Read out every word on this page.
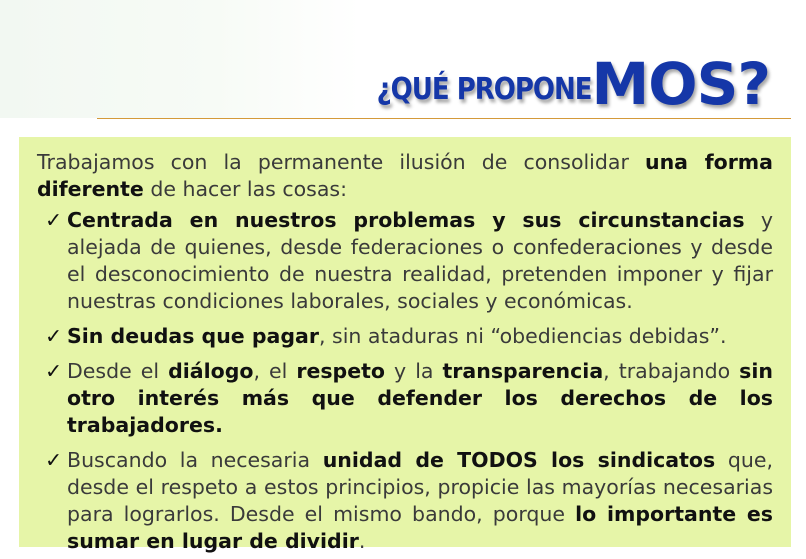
¿QUÉ PROPONE MOS?

Trabajamos con la permanente ilusión de consolidar una forma diferente de hacer las cosas:

✓ Centrada en nuestros problemas y sus circunstancias y alejada de quienes, desde federaciones o confederaciones y desde el desconocimiento de nuestra realidad, pretenden imponer y fijar nuestras condiciones laborales, sociales y económicas.
✓ Sin deudas que pagar, sin ataduras ni “obediencias debidas”.
✓ Desde el diálogo, el respeto y la transparencia, trabajando sin otro interés más que defender los derechos de los trabajadores.
✓ Buscando la necesaria unidad de TODOS los sindicatos que, desde el respeto a estos principios, propicie las mayorías necesarias para lograrlos. Desde el mismo bando, porque lo importante es sumar en lugar de dividir.
